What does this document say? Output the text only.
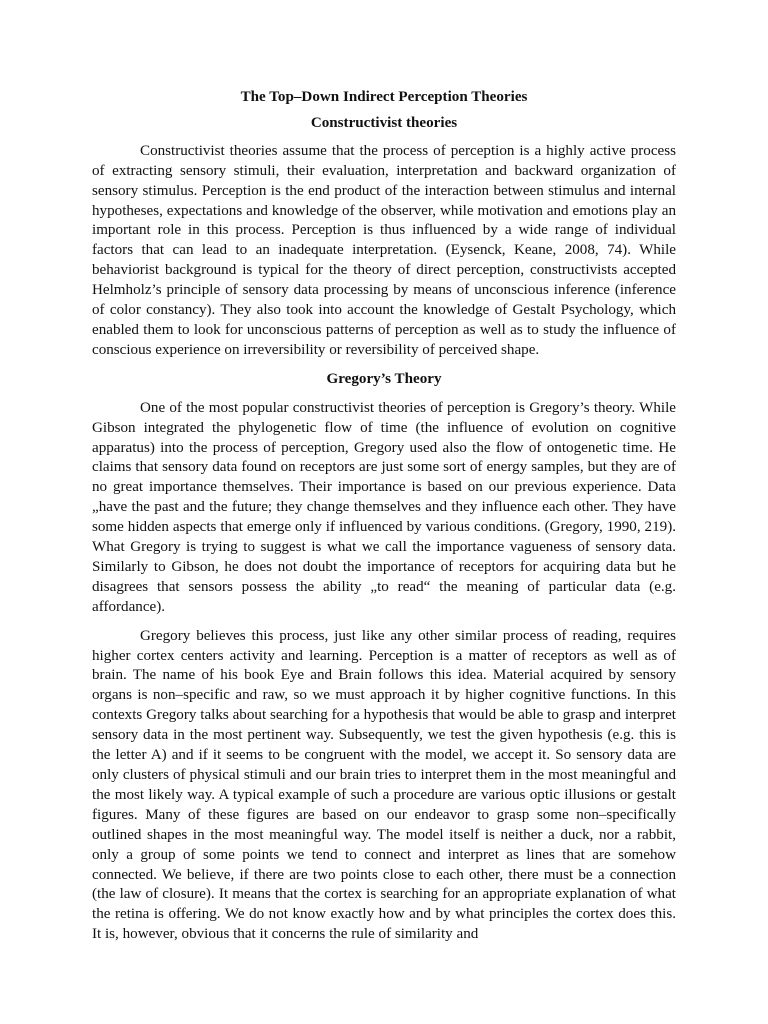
The Top–Down Indirect Perception Theories

Constructivist theories

Constructivist theories assume that the process of perception is a highly active process of extracting sensory stimuli, their evaluation, interpretation and backward organization of sensory stimulus. Perception is the end product of the interaction between stimulus and internal hypotheses, expectations and knowledge of the observer, while motivation and emotions play an important role in this process. Perception is thus influenced by a wide range of individual factors that can lead to an inadequate interpretation. (Eysenck, Keane, 2008, 74). While behaviorist background is typical for the theory of direct perception, constructivists accepted Helmholz’s principle of sensory data processing by means of unconscious inference (inference of color constancy). They also took into account the knowledge of Gestalt Psychology, which enabled them to look for unconscious patterns of perception as well as to study the influence of conscious experience on irreversibility or reversibility of perceived shape.

Gregory’s Theory

One of the most popular constructivist theories of perception is Gregory’s theory. While Gibson integrated the phylogenetic flow of time (the influence of evolution on cognitive apparatus) into the process of perception, Gregory used also the flow of ontogenetic time. He claims that sensory data found on receptors are just some sort of energy samples, but they are of no great importance themselves. Their importance is based on our previous experience. Data „have the past and the future; they change themselves and they influence each other. They have some hidden aspects that emerge only if influenced by various conditions. (Gregory, 1990, 219). What Gregory is trying to suggest is what we call the importance vagueness of sensory data. Similarly to Gibson, he does not doubt the importance of receptors for acquiring data but he disagrees that sensors possess the ability „to read“ the meaning of particular data (e.g. affordance).

Gregory believes this process, just like any other similar process of reading, requires higher cortex centers activity and learning. Perception is a matter of receptors as well as of brain. The name of his book Eye and Brain follows this idea. Material acquired by sensory organs is non–specific and raw, so we must approach it by higher cognitive functions. In this contexts Gregory talks about searching for a hypothesis that would be able to grasp and interpret sensory data in the most pertinent way. Subsequently, we test the given hypothesis (e.g. this is the letter A) and if it seems to be congruent with the model, we accept it. So sensory data are only clusters of physical stimuli and our brain tries to interpret them in the most meaningful and the most likely way. A typical example of such a procedure are various optic illusions or gestalt figures. Many of these figures are based on our endeavor to grasp some non–specifically outlined shapes in the most meaningful way. The model itself is neither a duck, nor a rabbit, only a group of some points we tend to connect and interpret as lines that are somehow connected. We believe, if there are two points close to each other, there must be a connection (the law of closure). It means that the cortex is searching for an appropriate explanation of what the retina is offering. We do not know exactly how and by what principles the cortex does this. It is, however, obvious that it concerns the rule of similarity and
